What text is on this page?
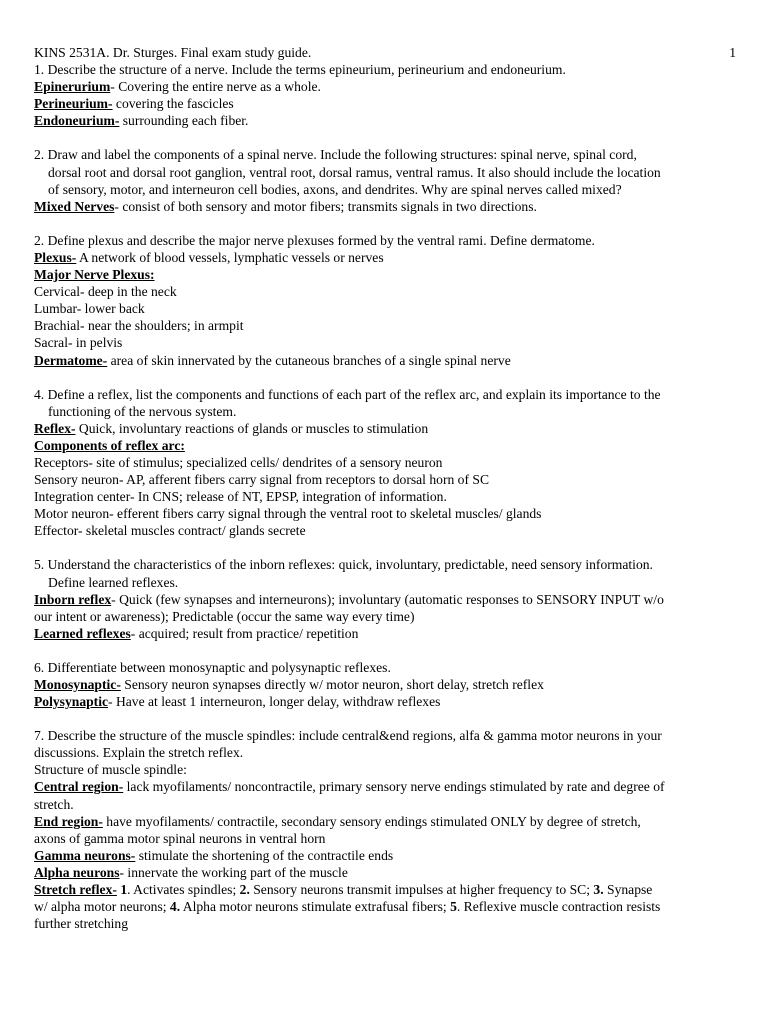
KINS 2531A. Dr. Sturges. Final exam study guide.	1
1. Describe the structure of a nerve. Include the terms epineurium, perineurium and endoneurium.
Epinerurium- Covering the entire nerve as a whole.
Perineurium- covering the fascicles
Endoneurium- surrounding each fiber.
2. Draw and label the components of a spinal nerve. Include the following structures: spinal nerve, spinal cord,
dorsal root and dorsal root ganglion, ventral root, dorsal ramus, ventral ramus. It also should include the location
of sensory, motor, and interneuron cell bodies, axons, and dendrites. Why are spinal nerves called mixed?
Mixed Nerves- consist of both sensory and motor fibers; transmits signals in two directions.
2. Define plexus and describe the major nerve plexuses formed by the ventral rami. Define dermatome.
Plexus- A network of blood vessels, lymphatic vessels or nerves
Major Nerve Plexus:
Cervical- deep in the neck
Lumbar- lower back
Brachial- near the shoulders; in armpit
Sacral- in pelvis
Dermatome- area of skin innervated by the cutaneous branches of a single spinal nerve
4. Define a reflex, list the components and functions of each part of the reflex arc, and explain its importance to the
functioning of the nervous system.
Reflex- Quick, involuntary reactions of glands or muscles to stimulation
Components of reflex arc:
Receptors- site of stimulus; specialized cells/ dendrites of a sensory neuron
Sensory neuron- AP, afferent fibers carry signal from receptors to dorsal horn of SC
Integration center- In CNS; release of NT, EPSP, integration of information.
Motor neuron- efferent fibers carry signal through the ventral root to skeletal muscles/ glands
Effector- skeletal muscles contract/ glands secrete
5. Understand the characteristics of the inborn reflexes: quick, involuntary, predictable, need sensory information.
Define learned reflexes.
Inborn reflex- Quick (few synapses and interneurons); involuntary (automatic responses to SENSORY INPUT w/o
our intent or awareness); Predictable (occur the same way every time)
Learned reflexes- acquired; result from practice/ repetition
6. Differentiate between monosynaptic and polysynaptic reflexes.
Monosynaptic- Sensory neuron synapses directly w/ motor neuron, short delay, stretch reflex
Polysynaptic- Have at least 1 interneuron, longer delay, withdraw reflexes
7. Describe the structure of the muscle spindles: include central&end regions, alfa & gamma motor neurons in your
discussions. Explain the stretch reflex.
Structure of muscle spindle:
Central region- lack myofilaments/ noncontractile, primary sensory nerve endings stimulated by rate and degree of
stretch.
End region- have myofilaments/ contractile, secondary sensory endings stimulated ONLY by degree of stretch,
axons of gamma motor spinal neurons in ventral horn
Gamma neurons- stimulate the shortening of the contractile ends
Alpha neurons- innervate the working part of the muscle
Stretch reflex- 1. Activates spindles; 2. Sensory neurons transmit impulses at higher frequency to SC; 3. Synapse
w/ alpha motor neurons; 4. Alpha motor neurons stimulate extrafusal fibers; 5. Reflexive muscle contraction resists
further stretching
